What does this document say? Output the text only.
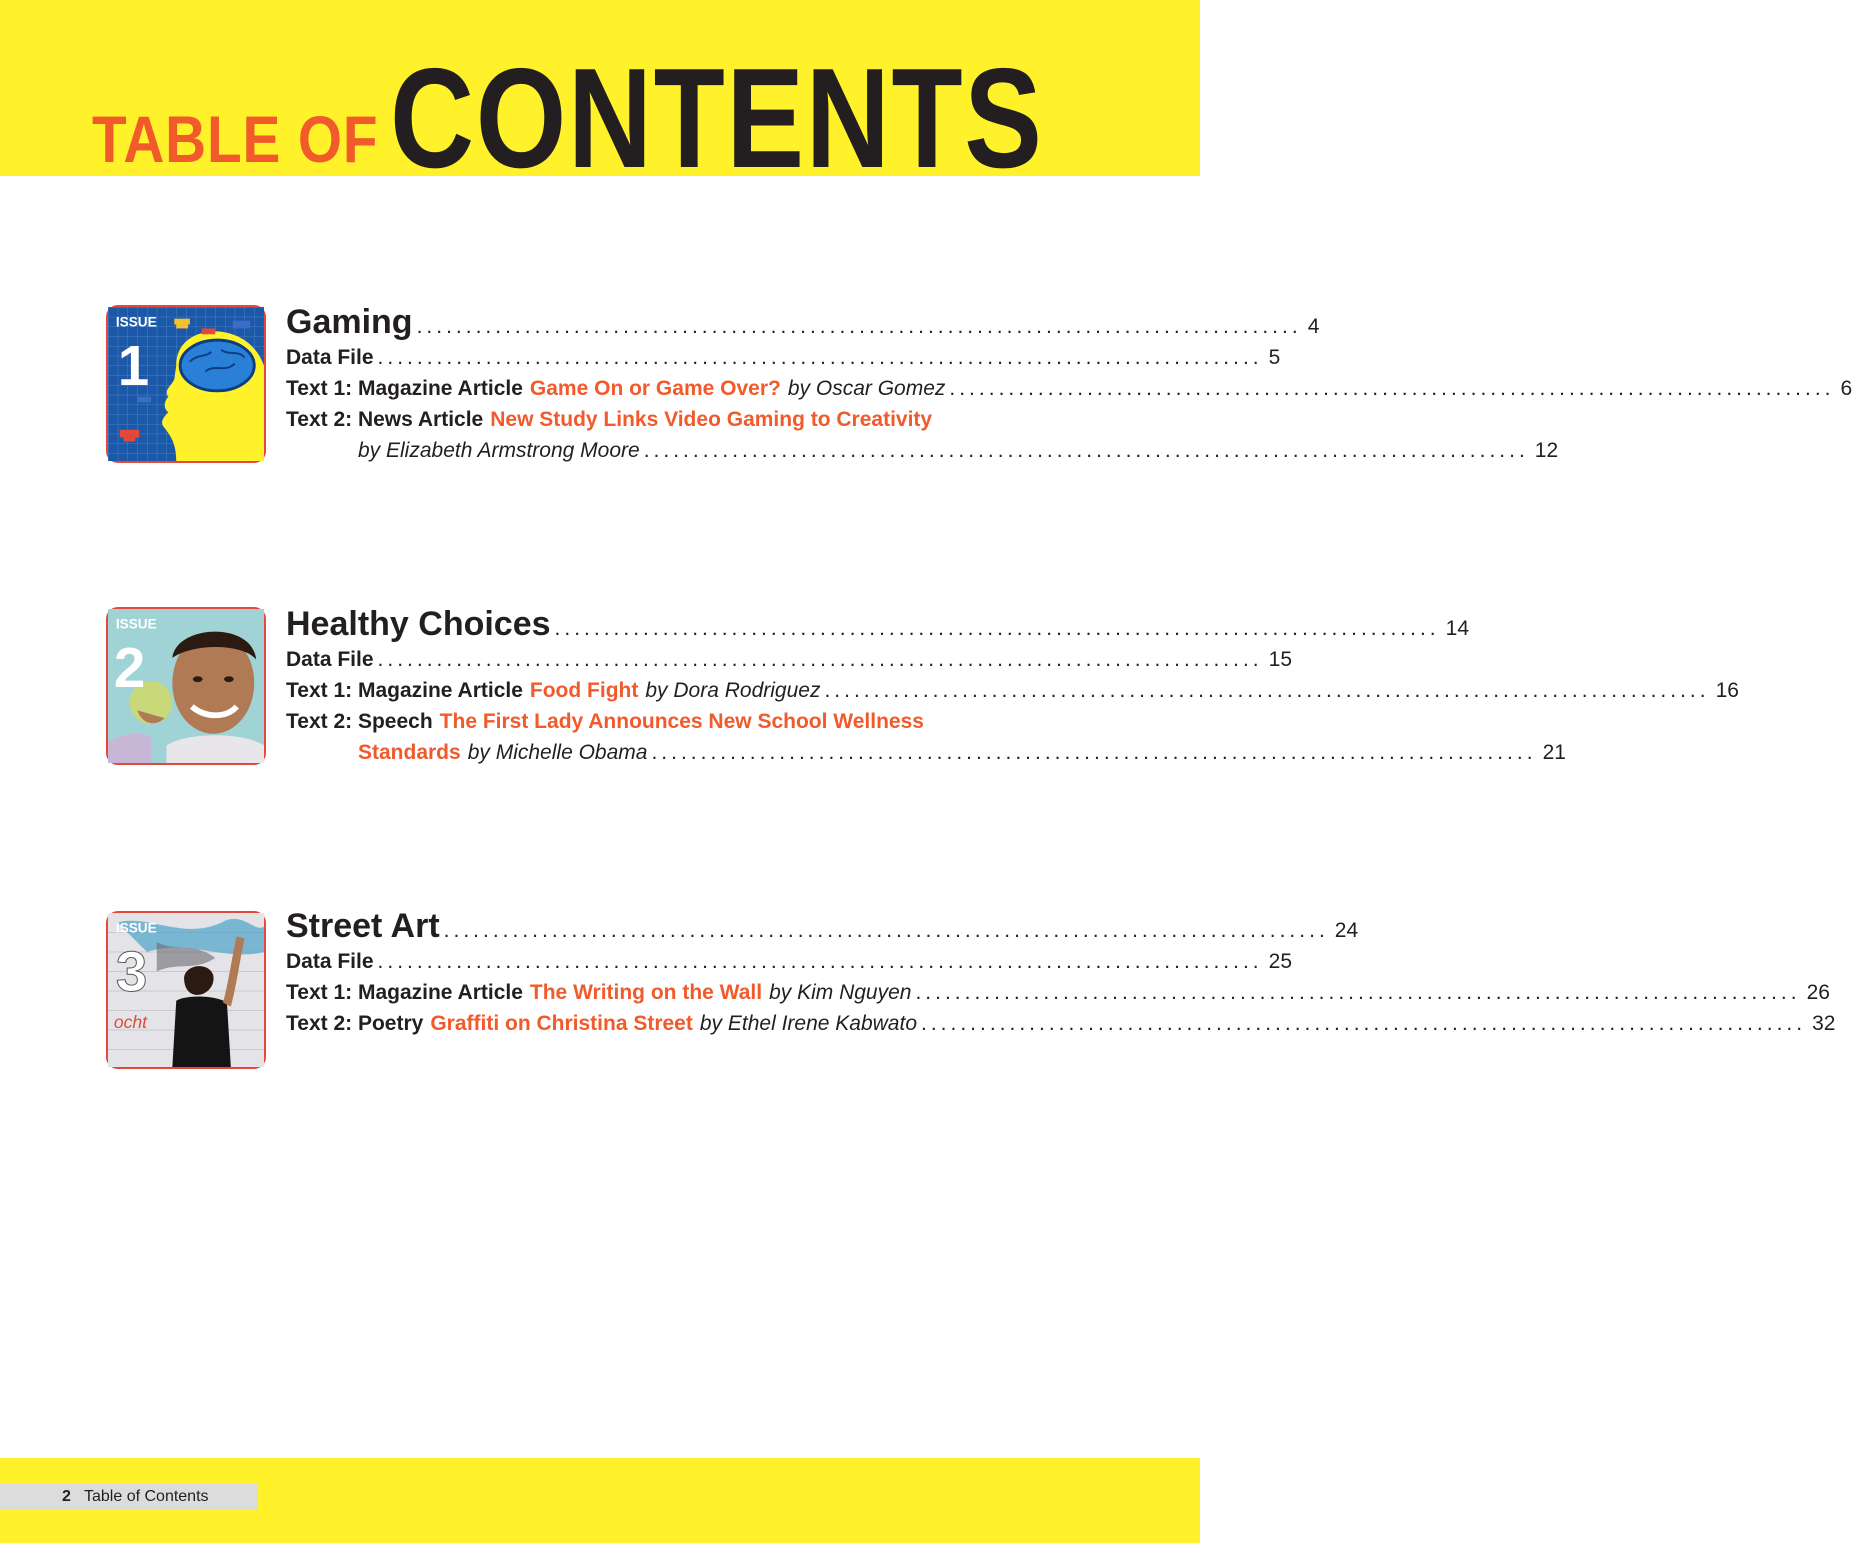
TABLE OF CONTENTS
ISSUE
1
Gaming .......................................................................................... 4
Data File .......................................................................................... 5
Text 1: Magazine Article Game On or Game Over? by Oscar Gomez .......................................................................................... 6
Text 2: News Article New Study Links Video Gaming to Creativity
by Elizabeth Armstrong Moore .......................................................................................... 12
ISSUE
2
Healthy Choices .......................................................................................... 14
Data File .......................................................................................... 15
Text 1: Magazine Article Food Fight by Dora Rodriguez .......................................................................................... 16
Text 2: Speech The First Lady Announces New School Wellness
Standards by Michelle Obama .......................................................................................... 21
ocht
ISSUE
3
Street Art .......................................................................................... 24
Data File .......................................................................................... 25
Text 1: Magazine Article The Writing on the Wall by Kim Nguyen .......................................................................................... 26
Text 2: Poetry Graffiti on Christina Street by Ethel Irene Kabwato .......................................................................................... 32
2 Table of Contents
